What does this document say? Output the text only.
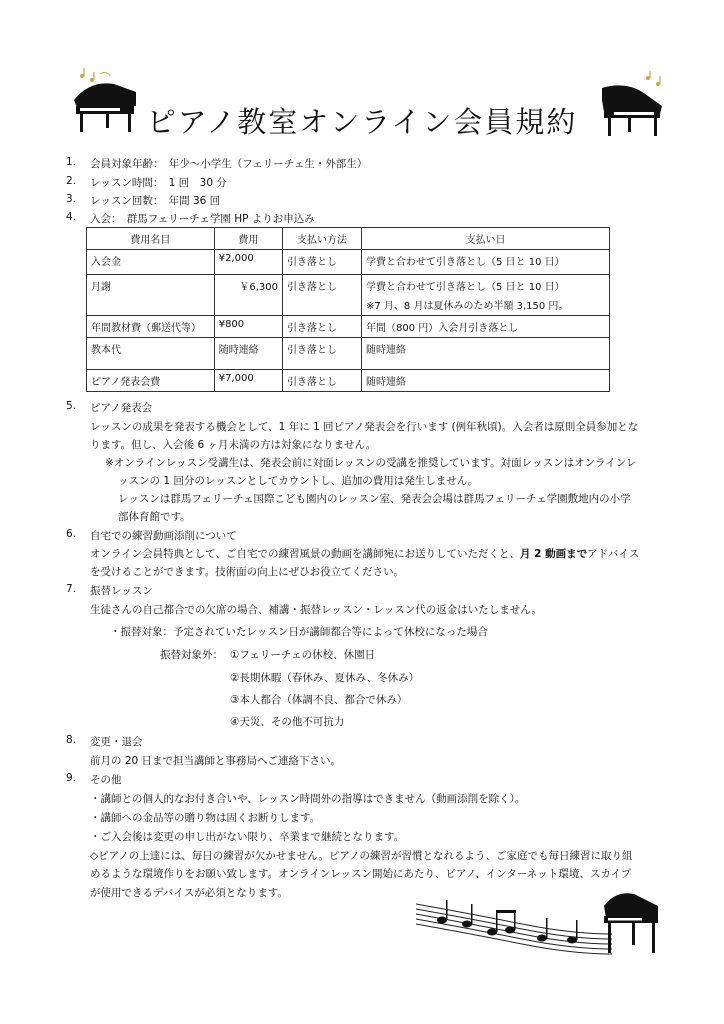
ピアノ教室オンライン会員規約
1.	会員対象年齢：　年少〜小学生（フェリーチェ生・外部生）
2.	レッスン時間：　1 回　30 分
3.	レッスン回数：　年間 36 回
4.	入会：　群馬フェリーチェ学園 HP よりお申込み
費用名目	費用	支払い方法	支払い日
入会金	¥2,000	引き落とし	学費と合わせて引き落とし（5 日と 10 日）
月謝	￥6,300	引き落とし	学費と合わせて引き落とし（5 日と 10 日）
※7 月、8 月は夏休みのため半額 3,150 円。

年間教材費（郵送代等）	¥800	引き落とし	年間（800 円）入会月引き落とし
教本代	随時連絡	引き落とし	随時連絡
ピアノ発表会費	¥7,000	引き落とし	随時連絡
5.	ピアノ発表会
レッスンの成果を発表する機会として、1 年に 1 回ピアノ発表会を行います (例年秋頃)。入会者は原則全員参加とな
ります。但し、入会後 6 ヶ月未満の方は対象になりません。
※オンラインレッスン受講生は、発表会前に対面レッスンの受講を推奨しています。対面レッスンはオンラインレ
ッスンの 1 回分のレッスンとしてカウントし、追加の費用は発生しません。
レッスンは群馬フェリーチェ国際こども園内のレッスン室、発表会会場は群馬フェリーチェ学園敷地内の小学
部体育館です。
6.	自宅での練習動画添削について
オンライン会員特典として、ご自宅での練習風景の動画を講師宛にお送りしていただくと、月 2 動画までアドバイス
を受けることができます。技術面の向上にぜひお役立てください。
7.	振替レッスン
生徒さんの自己都合での欠席の場合、補講・振替レッスン・レッスン代の返金はいたしません。
・振替対象：予定されていたレッスン日が講師都合等によって休校になった場合
振替対象外： ①フェリーチェの休校、休園日
②長期休暇（春休み、夏休み、冬休み）
③本人都合（体調不良、都合で休み）
④天災、その他不可抗力
8.	変更・退会
前月の 20 日まで担当講師と事務局へご連絡下さい。
9.	その他
・講師との個人的なお付き合いや、レッスン時間外の指導はできません（動画添削を除く）。
・講師への金品等の贈り物は固くお断りします。
・ご入会後は変更の申し出がない限り、卒業まで継続となります。
◇ピアノの上達には、毎日の練習が欠かせません。ピアノの練習が習慣となれるよう、ご家庭でも毎日練習に取り組
めるような環境作りをお願い致します。オンラインレッスン開始にあたり、ピアノ、インターネット環境、スカイプ
が使用できるデバイスが必須となります。
